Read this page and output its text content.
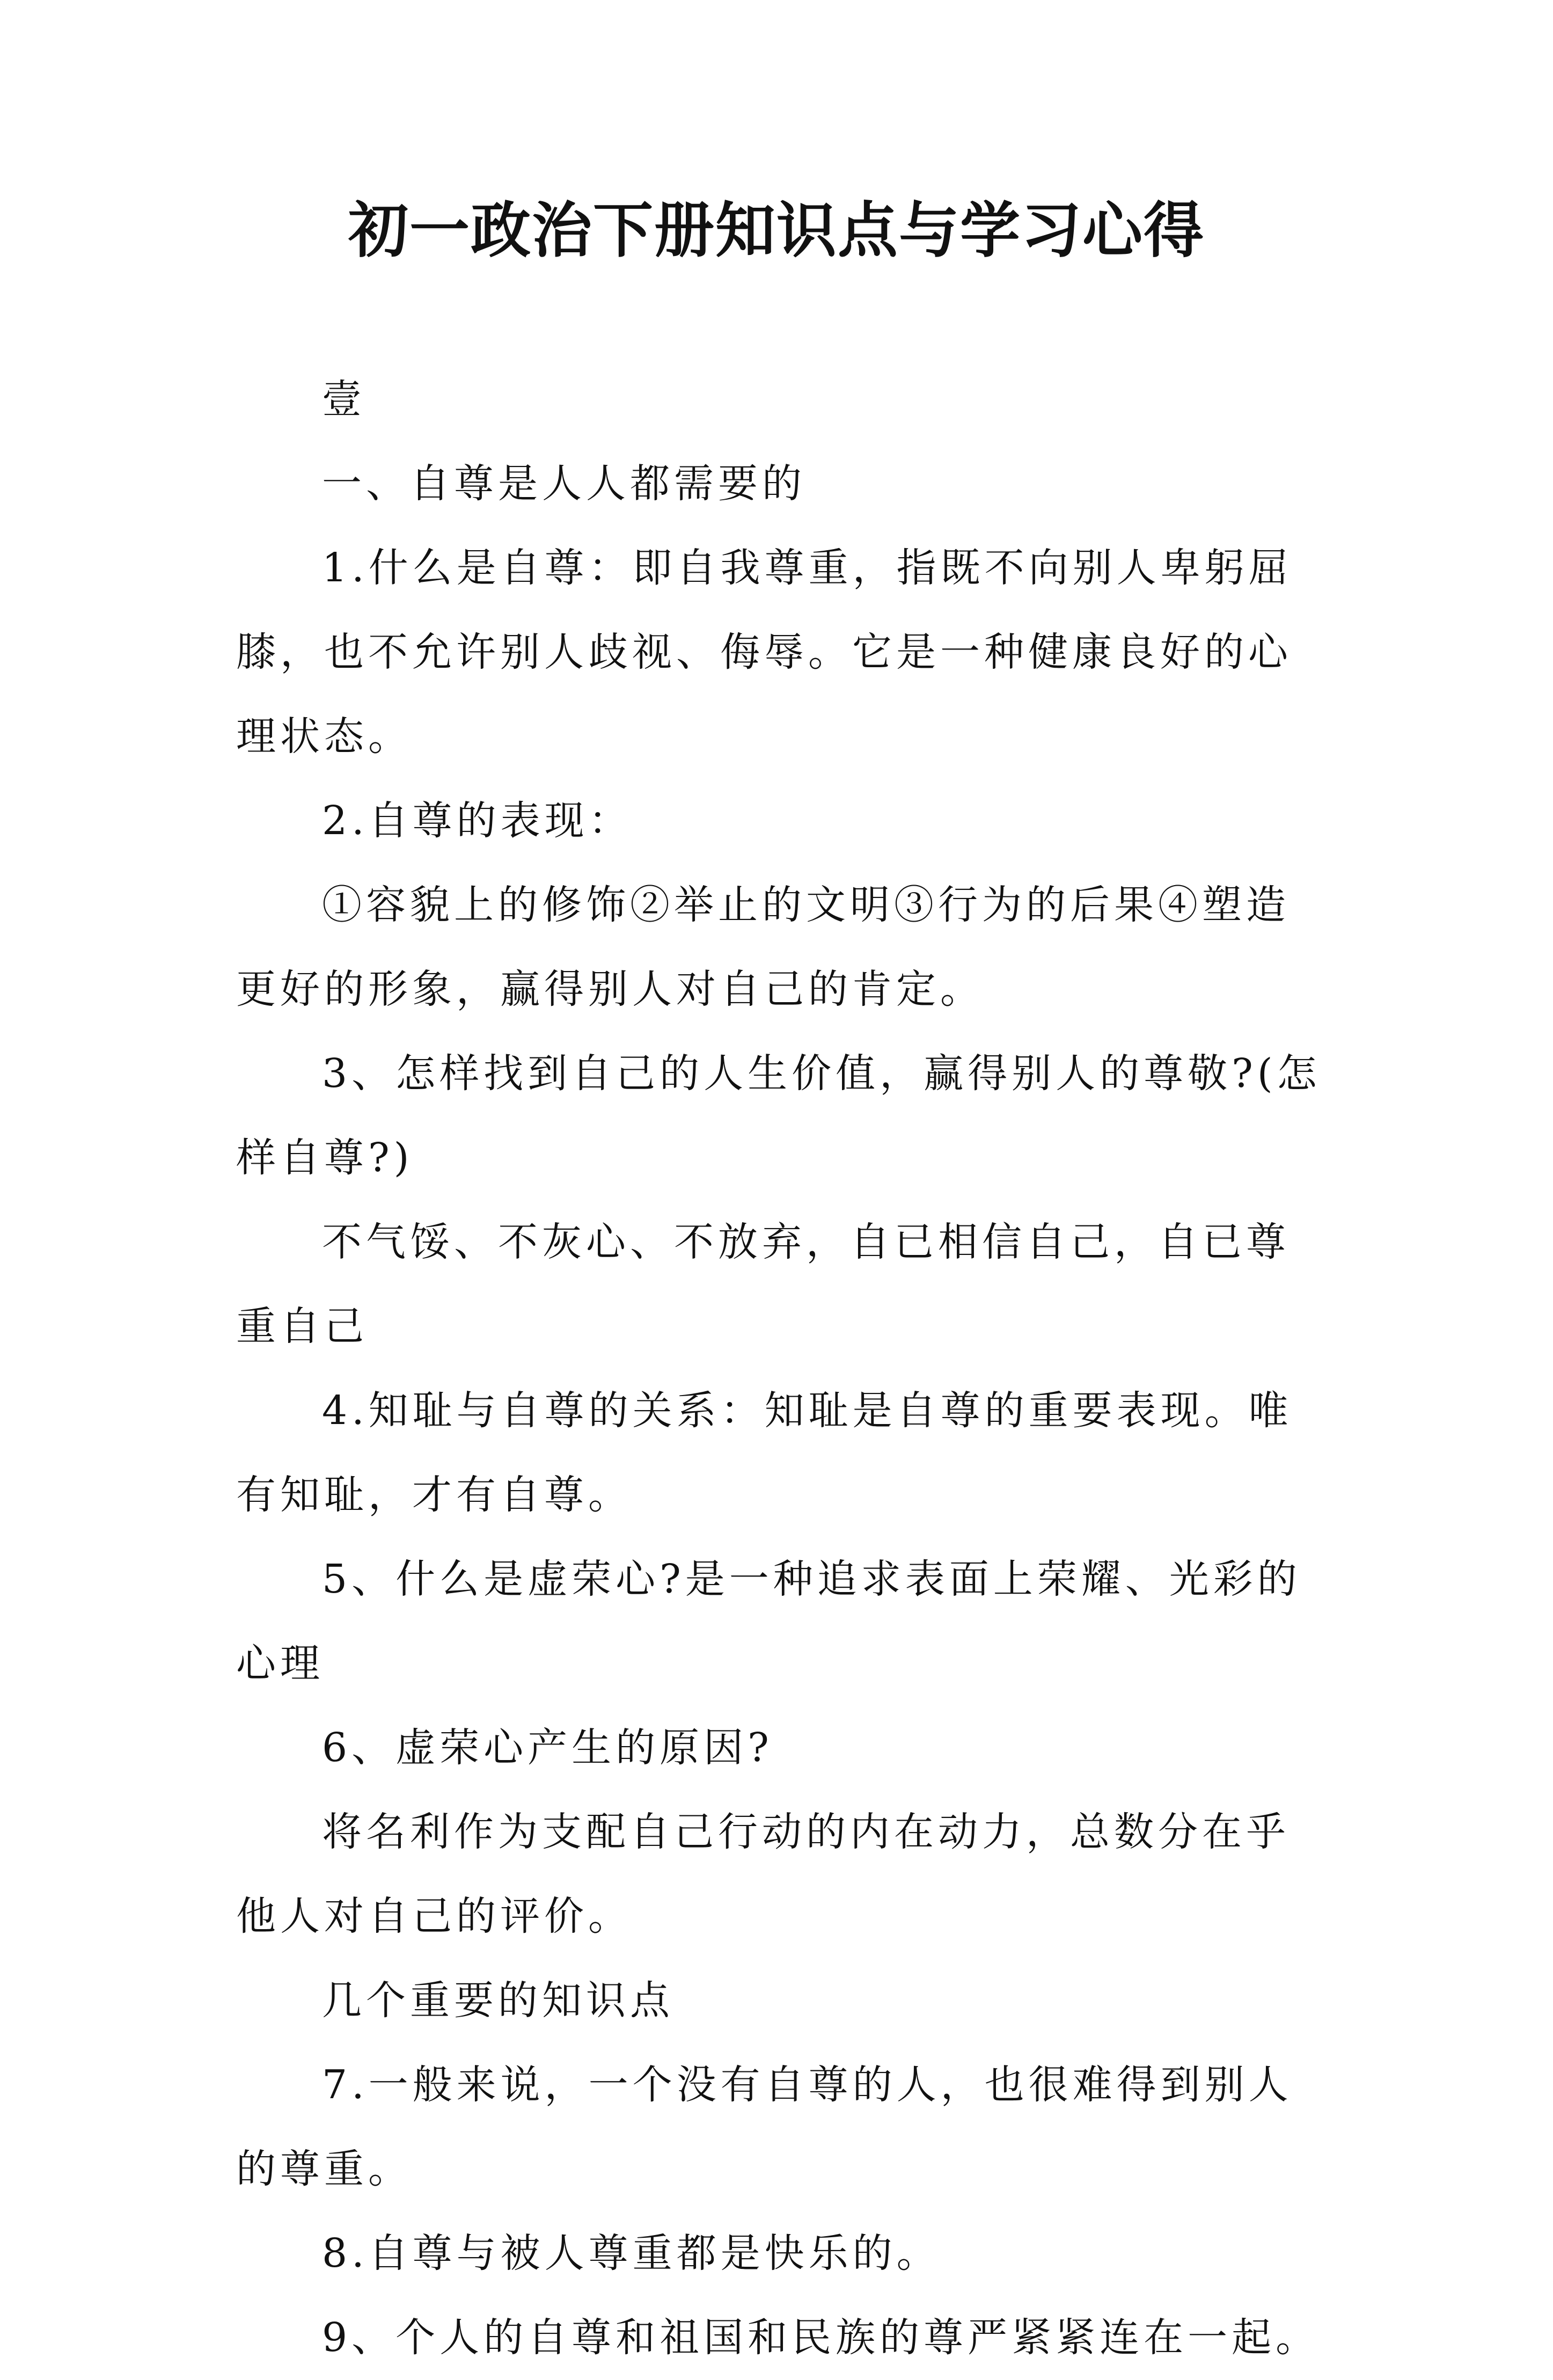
初一政治下册知识点与学习心得

壹

一、自尊是人人都需要的

1.什么是自尊：即自我尊重，指既不向别人卑躬屈膝，也不允许别人歧视、侮辱。它是一种健康良好的心理状态。

2.自尊的表现：

①容貌上的修饰②举止的文明③行为的后果④塑造更好的形象，赢得别人对自己的肯定。

3、怎样找到自己的人生价值，赢得别人的尊敬?(怎样自尊?)

不气馁、不灰心、不放弃，自已相信自己，自已尊重自己

4.知耻与自尊的关系：知耻是自尊的重要表现。唯有知耻，才有自尊。

5、什么是虚荣心?是一种追求表面上荣耀、光彩的心理

6、虚荣心产生的原因?

将名利作为支配自己行动的内在动力，总数分在乎他人对自己的评价。

几个重要的知识点

7.一般来说，一个没有自尊的人，也很难得到别人的尊重。

8.自尊与被人尊重都是快乐的。

9、个人的自尊和祖国和民族的尊严紧紧连在一起。
